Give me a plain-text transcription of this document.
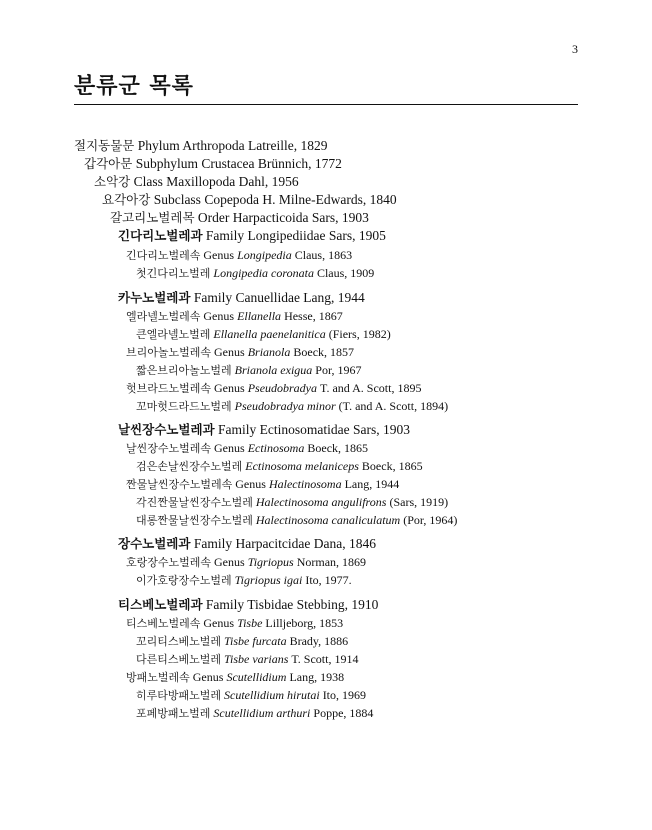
3
분류군 목록
절지동물문 Phylum Arthropoda Latreille, 1829
갑각아문 Subphylum Crustacea Brünnich, 1772
소악강 Class Maxillopoda Dahl, 1956
요각아강 Subclass Copepoda H. Milne-Edwards, 1840
갈고리노벌레목 Order Harpacticoida Sars, 1903
긴다리노벌레과 Family Longipediidae Sars, 1905
긴다리노벌레속 Genus Longipedia Claus, 1863
첫긴다리노벌레 Longipedia coronata Claus, 1909
카누노벌레과 Family Canuellidae Lang, 1944
엘라넬노벌레속 Genus Ellanella Hesse, 1867
큰엘라넬노벌레 Ellanella paenelanitica (Fiers, 1982)
브리아놀노벌레속 Genus Brianola Boeck, 1857
짧은브리아놀노벌레 Brianola exigua Por, 1967
헛브라드노벌레속 Genus Pseudobradya T. and A. Scott, 1895
꼬마헛드라드노벌레 Pseudobradya minor (T. and A. Scott, 1894)
날씬장수노벌레과 Family Ectinosomatidae Sars, 1903
날씬장수노벌레속 Genus Ectinosoma Boeck, 1865
검은손날씬장수노벌레 Ectinosoma melaniceps Boeck, 1865
짠물날씬장수노벌레속 Genus Halectinosoma Lang, 1944
각진짠물날씬장수노벌레 Halectinosoma angulifrons (Sars, 1919)
대롱짠물날씬장수노벌레 Halectinosoma canaliculatum (Por, 1964)
장수노벌레과 Family Harpacitcidae Dana, 1846
호랑장수노벌레속 Genus Tigriopus Norman, 1869
이가호랑장수노벌레 Tigriopus igai Ito, 1977.
티스베노벌레과 Family Tisbidae Stebbing, 1910
티스베노벌레속 Genus Tisbe Lilljeborg, 1853
꼬리티스베노벌레 Tisbe furcata Brady, 1886
다른티스베노벌레 Tisbe varians T. Scott, 1914
방패노벌레속 Genus Scutellidium Lang, 1938
히루타방패노벌레 Scutellidium hirutai Ito, 1969
포페방패노벌레 Scutellidium arthuri Poppe, 1884
